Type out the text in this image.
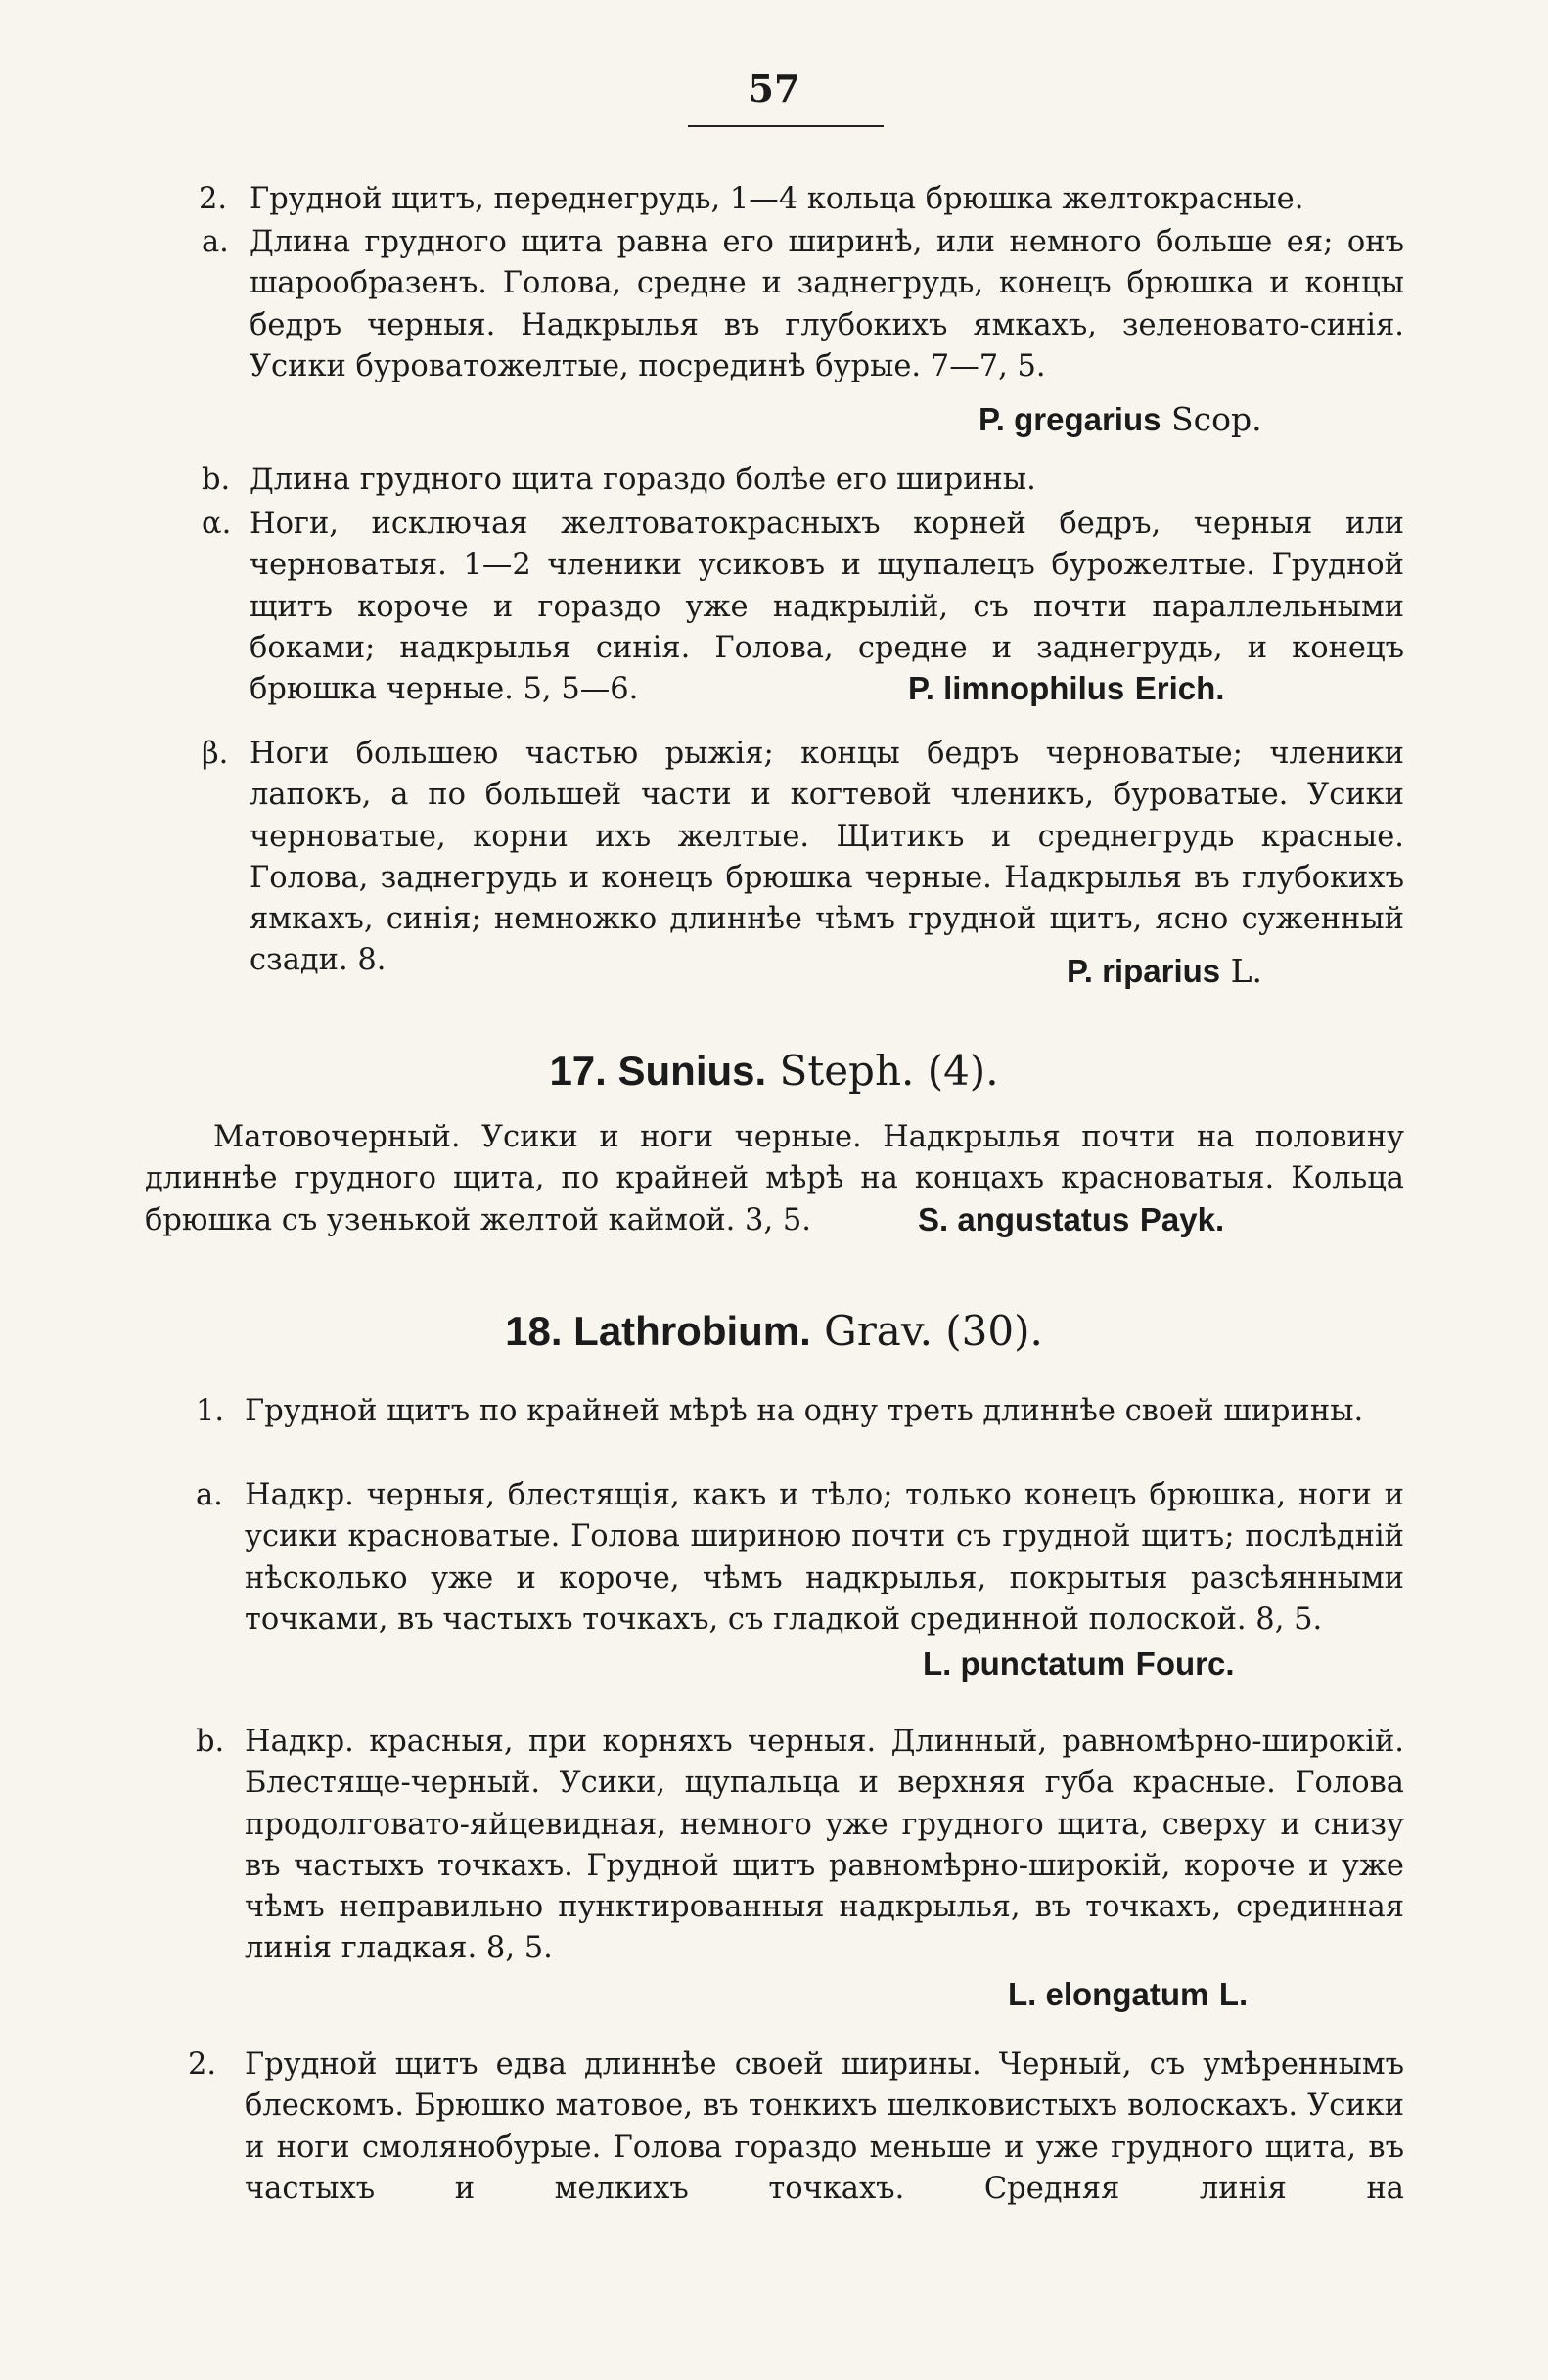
57
2. Грудной щитъ, переднегрудь, 1—4 кольца брюшка желтокрасные.
a. Длина грудного щита равна его ширинѣ, или немного больше ея; онъ шарообразенъ. Голова, средне и заднегрудь, конецъ брюшка и концы бедръ черныя. Надкрылья въ глубокихъ ямкахъ, зеленовато-синія. Усики буроватожелтые, посрединѣ бурые. 7—7, 5.
P. gregarius Scop.
b. Длина грудного щита гораздо болѣе его ширины.
α. Ноги, исключая желтоватокрасныхъ корней бедръ, черныя или черноватыя. 1—2 членики усиковъ и щупалецъ бурожелтые. Грудной щитъ короче и гораздо уже надкрылій, съ почти параллельными боками; надкрылья синія. Голова, средне и заднегрудь, и конецъ брюшка черные. 5, 5—6.	P. limnophilus Erich.
β. Ноги большею частью рыжія; концы бедръ черноватые; членики лапокъ, а по большей части и когтевой членикъ, буроватые. Усики черноватые, корни ихъ желтые. Щитикъ и среднегрудь красные. Голова, заднегрудь и конецъ брюшка черные. Надкрылья въ глубокихъ ямкахъ, синія; немножко длиннѣе чѣмъ грудной щитъ, ясно суженный сзади. 8.	P. riparius L.
17. Sunius. Steph. (4).
Матовочерный. Усики и ноги черные. Надкрылья почти на половину длиннѣе грудного щита, по крайней мѣрѣ на концахъ красноватыя. Кольца брюшка съ узенькой желтой каймой. 3, 5.	S. angustatus Payk.
18. Lathrobium. Grav. (30).
1. Грудной щитъ по крайней мѣрѣ на одну треть длиннѣе своей ширины.
a. Надкр. черныя, блестящія, какъ и тѣло; только конецъ брюшка, ноги и усики красноватые. Голова шириною почти съ грудной щитъ; послѣдній нѣсколько уже и короче, чѣмъ надкрылья, покрытыя разсѣянными точками, въ частыхъ точкахъ, съ гладкой срединной полоской. 8, 5.
L. punctatum Fourc.
b. Надкр. красныя, при корняхъ черныя. Длинный, равномѣрно-широкій. Блестяще-черный. Усики, щупальца и верхняя губа красные. Голова продолговато-яйцевидная, немного уже грудного щита, сверху и снизу въ частыхъ точкахъ. Грудной щитъ равномѣрно-широкій, короче и уже чѣмъ неправильно пунктированныя надкрылья, въ точкахъ, срединная линія гладкая. 8, 5.
L. elongatum L.
2. Грудной щитъ едва длиннѣе своей ширины. Черный, съ умѣреннымъ блескомъ. Брюшко матовое, въ тонкихъ шелковистыхъ волоскахъ. Усики и ноги смолянобурые. Голова гораздо меньше и уже грудного щита, въ частыхъ и мелкихъ точкахъ. Средняя линія на
